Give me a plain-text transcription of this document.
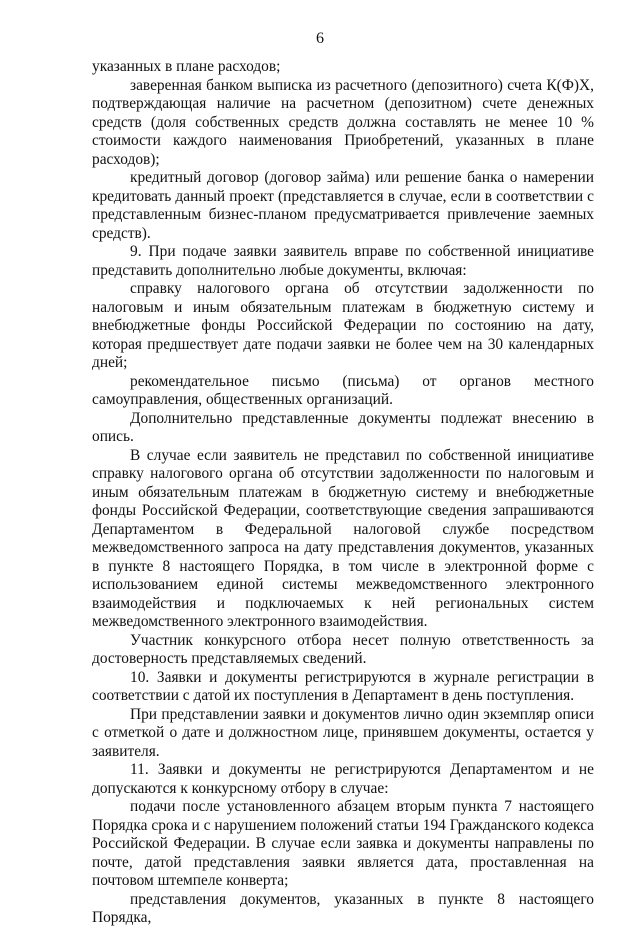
6

указанных в плане расходов;

заверенная банком выписка из расчетного (депозитного) счета К(Ф)Х, подтверждающая наличие на расчетном (депозитном) счете денежных средств (доля собственных средств должна составлять не менее 10 % стоимости каждого наименования Приобретений, указанных в плане расходов);

кредитный договор (договор займа) или решение банка о намерении кредитовать данный проект (представляется в случае, если в соответствии с представленным бизнес-планом предусматривается привлечение заемных средств).

9. При подаче заявки заявитель вправе по собственной инициативе представить дополнительно любые документы, включая:

справку налогового органа об отсутствии задолженности по налоговым и иным обязательным платежам в бюджетную систему и внебюджетные фонды Российской Федерации по состоянию на дату, которая предшествует дате подачи заявки не более чем на 30 календарных дней;

рекомендательное письмо (письма) от органов местного самоуправления, общественных организаций.

Дополнительно представленные документы подлежат внесению в опись.

В случае если заявитель не представил по собственной инициативе справку налогового органа об отсутствии задолженности по налоговым и иным обязательным платежам в бюджетную систему и внебюджетные фонды Российской Федерации, соответствующие сведения запрашиваются Департаментом в Федеральной налоговой службе посредством межведомственного запроса на дату представления документов, указанных в пункте 8 настоящего Порядка, в том числе в электронной форме с использованием единой системы межведомственного электронного взаимодействия и подключаемых к ней региональных систем межведомственного электронного взаимодействия.

Участник конкурсного отбора несет полную ответственность за достоверность представляемых сведений.

10. Заявки и документы регистрируются в журнале регистрации в соответствии с датой их поступления в Департамент в день поступления.

При представлении заявки и документов лично один экземпляр описи с отметкой о дате и должностном лице, принявшем документы, остается у заявителя.

11. Заявки и документы не регистрируются Департаментом и не допускаются к конкурсному отбору в случае:

подачи после установленного абзацем вторым пункта 7 настоящего Порядка срока и с нарушением положений статьи 194 Гражданского кодекса Российской Федерации. В случае если заявка и документы направлены по почте, датой представления заявки является дата, проставленная на почтовом штемпеле конверта;

представления документов, указанных в пункте 8 настоящего Порядка,
